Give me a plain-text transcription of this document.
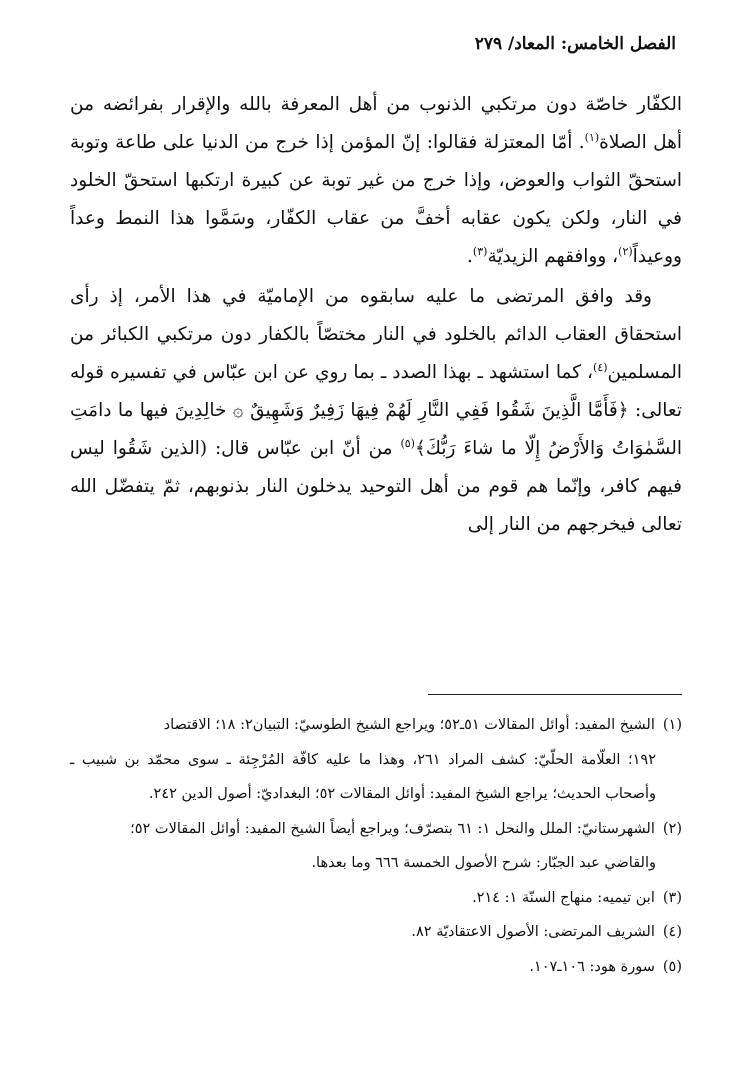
الفصل الخامس: المعاد/ ٢٧٩

الكفّار خاصّة دون مرتكبي الذنوب من أهل المعرفة بالله والإقرار بفرائضه من أهل الصلاة$^{(١)}$. أمّا المعتزلة فقالوا: إنّ المؤمن إذا خرج من الدنيا على طاعة وتوبة استحقّ الثواب والعوض، وإذا خرج من غير توبة عن كبيرة ارتكبها استحقّ الخلود في النار، ولكن يكون عقابه أخفَّ من عقاب الكفّار، وسَمَّوا هذا النمط وعداً ووعيداً$^{(٢)}$، ووافقهم الزيديّة$^{(٣)}$.

وقد وافق المرتضى ما عليه سابقوه من الإماميّة في هذا الأمر، إذ رأى استحقاق العقاب الدائم بالخلود في النار مختصّاً بالكفار دون مرتكبي الكبائر من المسلمين$^{(٤)}$، كما استشهد ـ بهذا الصدد ـ بما روي عن ابن عبّاس في تفسيره قوله تعالى: ﴿فَأَمَّا الَّذِينَ شَقُوا فَفِي النَّارِ لَهُمْ فِيهَا زَفِيرٌ وَشَهِيقٌ ۞ خالِدِينَ فيها ما دامَتِ السَّمٰوَاتُ وَالأَرْضُ إِلّا ما شاءَ رَبُّكَ﴾$^{(٥)}$ من أنّ ابن عبّاس قال: (الذين شَقُوا ليس فيهم كافر، وإنّما هم قوم من أهل التوحيد يدخلون النار بذنوبهم، ثمّ يتفضّل الله تعالى فيخرجهم من النار إلى

(١)الشيخ المفيد: أوائل المقالات ٥١ـ٥٢؛ ويراجع الشيخ الطوسيّ: التبيان٢: ١٨؛ الاقتصاد
١٩٢؛ العلّامة الحلّيّ: كشف المراد ٢٦١، وهذا ما عليه كافّة المُرْجِئة ـ سوى محمّد بن شبيب ـ وأصحاب الحديث؛ يراجع الشيخ المفيد: أوائل المقالات ٥٢؛ البغداديّ: أصول الدين ٢٤٢.
(٢)الشهرستانيّ: الملل والنحل ١: ٦١ بتصرّف؛ ويراجع أيضاً الشيخ المفيد: أوائل المقالات ٥٢؛
والقاضي عبد الجبّار: شرح الأصول الخمسة ٦٦٦ وما بعدها.
(٣)ابن تيميه: منهاج السنّة ١: ٢١٤.
(٤)الشريف المرتضى: الأصول الاعتقاديّة ٨٢.
(٥)سورة هود: ١٠٦ـ١٠٧.
